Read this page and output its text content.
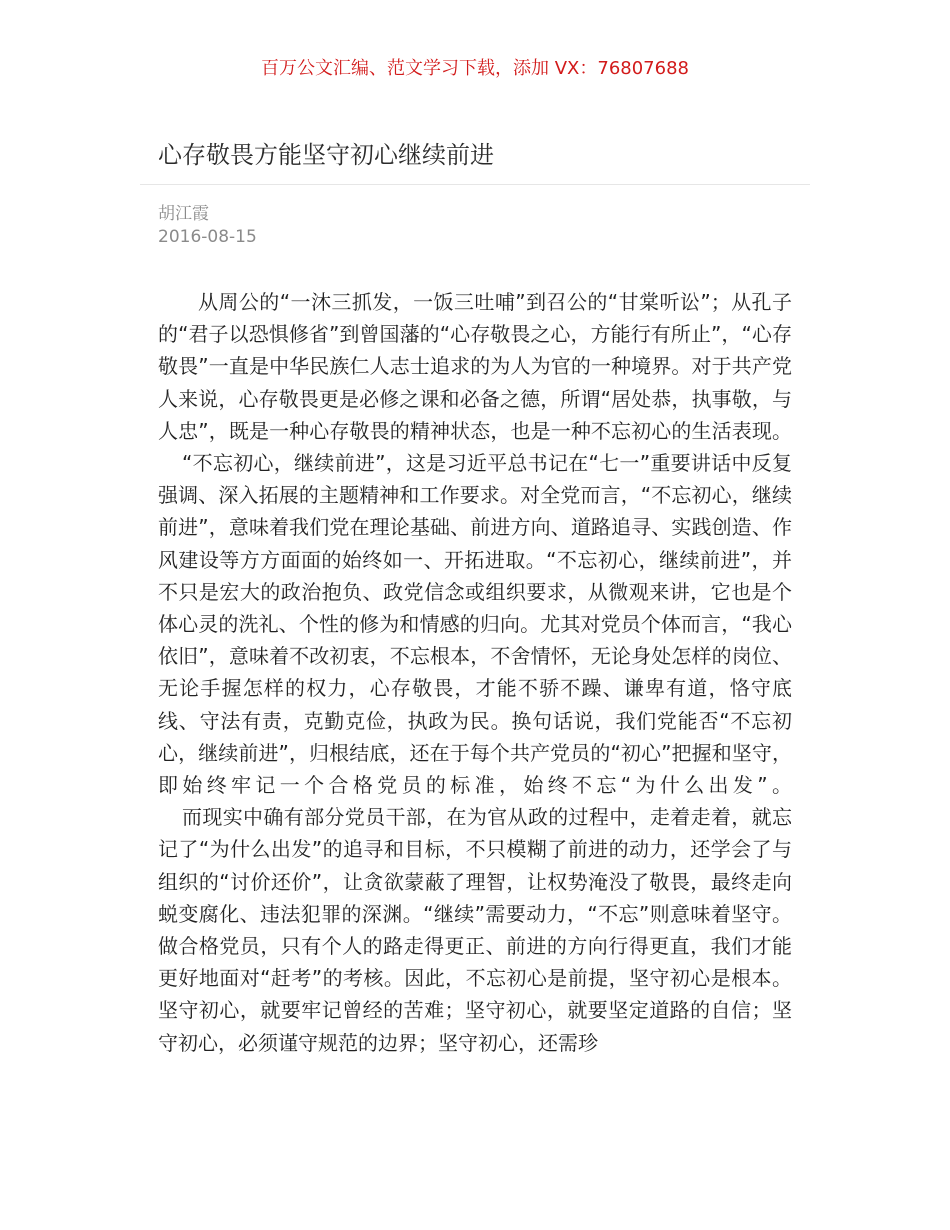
百万公文汇编、范文学习下载，添加 VX：76807688
心存敬畏方能坚守初心继续前进
胡江霞
2016-08-15

从周公的“一沐三抓发，一饭三吐哺”到召公的“甘棠听讼”；从孔子的“君子以恐惧修省”到曾国藩的“心存敬畏之心，方能行有所止”，“心存敬畏”一直是中华民族仁人志士追求的为人为官的一种境界。对于共产党人来说，心存敬畏更是必修之课和必备之德，所谓“居处恭，执事敬，与人忠”，既是一种心存敬畏的精神状态，也是一种不忘初心的生活表现。

“不忘初心，继续前进”，这是习近平总书记在“七一”重要讲话中反复强调、深入拓展的主题精神和工作要求。对全党而言，“不忘初心，继续前进”，意味着我们党在理论基础、前进方向、道路追寻、实践创造、作风建设等方方面面的始终如一、开拓进取。“不忘初心，继续前进”，并不只是宏大的政治抱负、政党信念或组织要求，从微观来讲，它也是个体心灵的洗礼、个性的修为和情感的归向。尤其对党员个体而言，“我心依旧”，意味着不改初衷，不忘根本，不舍情怀，无论身处怎样的岗位、无论手握怎样的权力，心存敬畏，才能不骄不躁、谦卑有道，恪守底线、守法有责，克勤克俭，执政为民。换句话说，我们党能否“不忘初心，继续前进”，归根结底，还在于每个共产党员的“初心”把握和坚守，即始终牢记一个合格党员的标准，始终不忘“为什么出发”。

而现实中确有部分党员干部，在为官从政的过程中，走着走着，就忘记了“为什么出发”的追寻和目标，不只模糊了前进的动力，还学会了与组织的“讨价还价”，让贪欲蒙蔽了理智，让权势淹没了敬畏，最终走向蜕变腐化、违法犯罪的深渊。“继续”需要动力，“不忘”则意味着坚守。做合格党员，只有个人的路走得更正、前进的方向行得更直，我们才能更好地面对“赶考”的考核。因此，不忘初心是前提，坚守初心是根本。坚守初心，就要牢记曾经的苦难；坚守初心，就要坚定道路的自信；坚守初心，必须谨守规范的边界；坚守初心，还需珍
